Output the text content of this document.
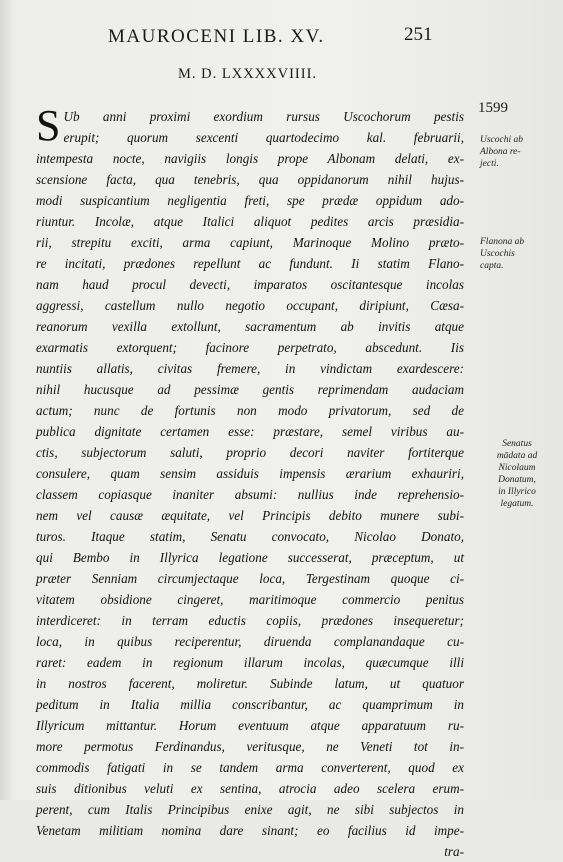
MAUROCENI LIB. XV.	251
M. D. LXXXXVIIII.
1599
S Ub anni proximi exordium rursus Uscochorum pestis
erupit; quorum sexcenti quartodecimo kal. februarii,
intempesta nocte, navigiis longis prope Albonam delati, ex-
scensione facta, qua tenebris, qua oppidanorum nihil hujus-
modi suspicantium negligentia freti, spe prædæ oppidum ado-
riuntur. Incolæ, atque Italici aliquot pedites arcis præsidia-
rii, strepitu exciti, arma capiunt, Marinoque Molino præto-
re incitati, prædones repellunt ac fundunt. Ii statim Flano-
nam haud procul devecti, imparatos oscitantesque incolas
aggressi, castellum nullo negotio occupant, diripiunt, Cæsa-
reanorum vexilla extollunt, sacramentum ab invitis atque
exarmatis extorquent; facinore perpetrato, abscedunt. Iis
nuntiis allatis, civitas fremere, in vindictam exardescere:
nihil hucusque ad pessimæ gentis reprimendam audaciam
actum; nunc de fortunis non modo privatorum, sed de
publica dignitate certamen esse: præstare, semel viribus au-
ctis, subjectorum saluti, proprio decori naviter fortiterque
consulere, quam sensim assiduis impensis ærarium exhauriri,
classem copiasque inaniter absumi: nullius inde reprehensio-
nem vel causæ æquitate, vel Principis debito munere subi-
turos. Itaque statim, Senatu convocato, Nicolao Donato,
qui Bembo in Illyrica legatione successerat, præceptum, ut
præter Senniam circumjectaque loca, Tergestinam quoque ci-
vitatem obsidione cingeret, maritimoque commercio penitus
interdiceret: in terram eductis copiis, prædones insequeretur;
loca, in quibus reciperentur, diruenda complanandaque cu-
raret: eadem in regionum illarum incolas, quæcumque illi
in nostros facerent, moliretur. Subinde latum, ut quatuor
peditum in Italia millia conscribantur, ac quamprimum in
Illyricum mittantur. Horum eventuum atque apparatuum ru-
more permotus Ferdinandus, veritusque, ne Veneti tot in-
commodis fatigati in se tandem arma converterent, quod ex
suis ditionibus veluti ex sentina, atrocia adeo scelera erum-
perent, cum Italis Principibus enixe agit, ne sibi subjectos in
Venetam militiam nomina dare sinant; eo facilius id impe-
tra-
Uscochi ab
Albona re-
jecti.
Flanona ab
Uscochis
capta.
Senatus
mādata ad
Nicolaum
Donatum,
in Illyrico
legatum.
